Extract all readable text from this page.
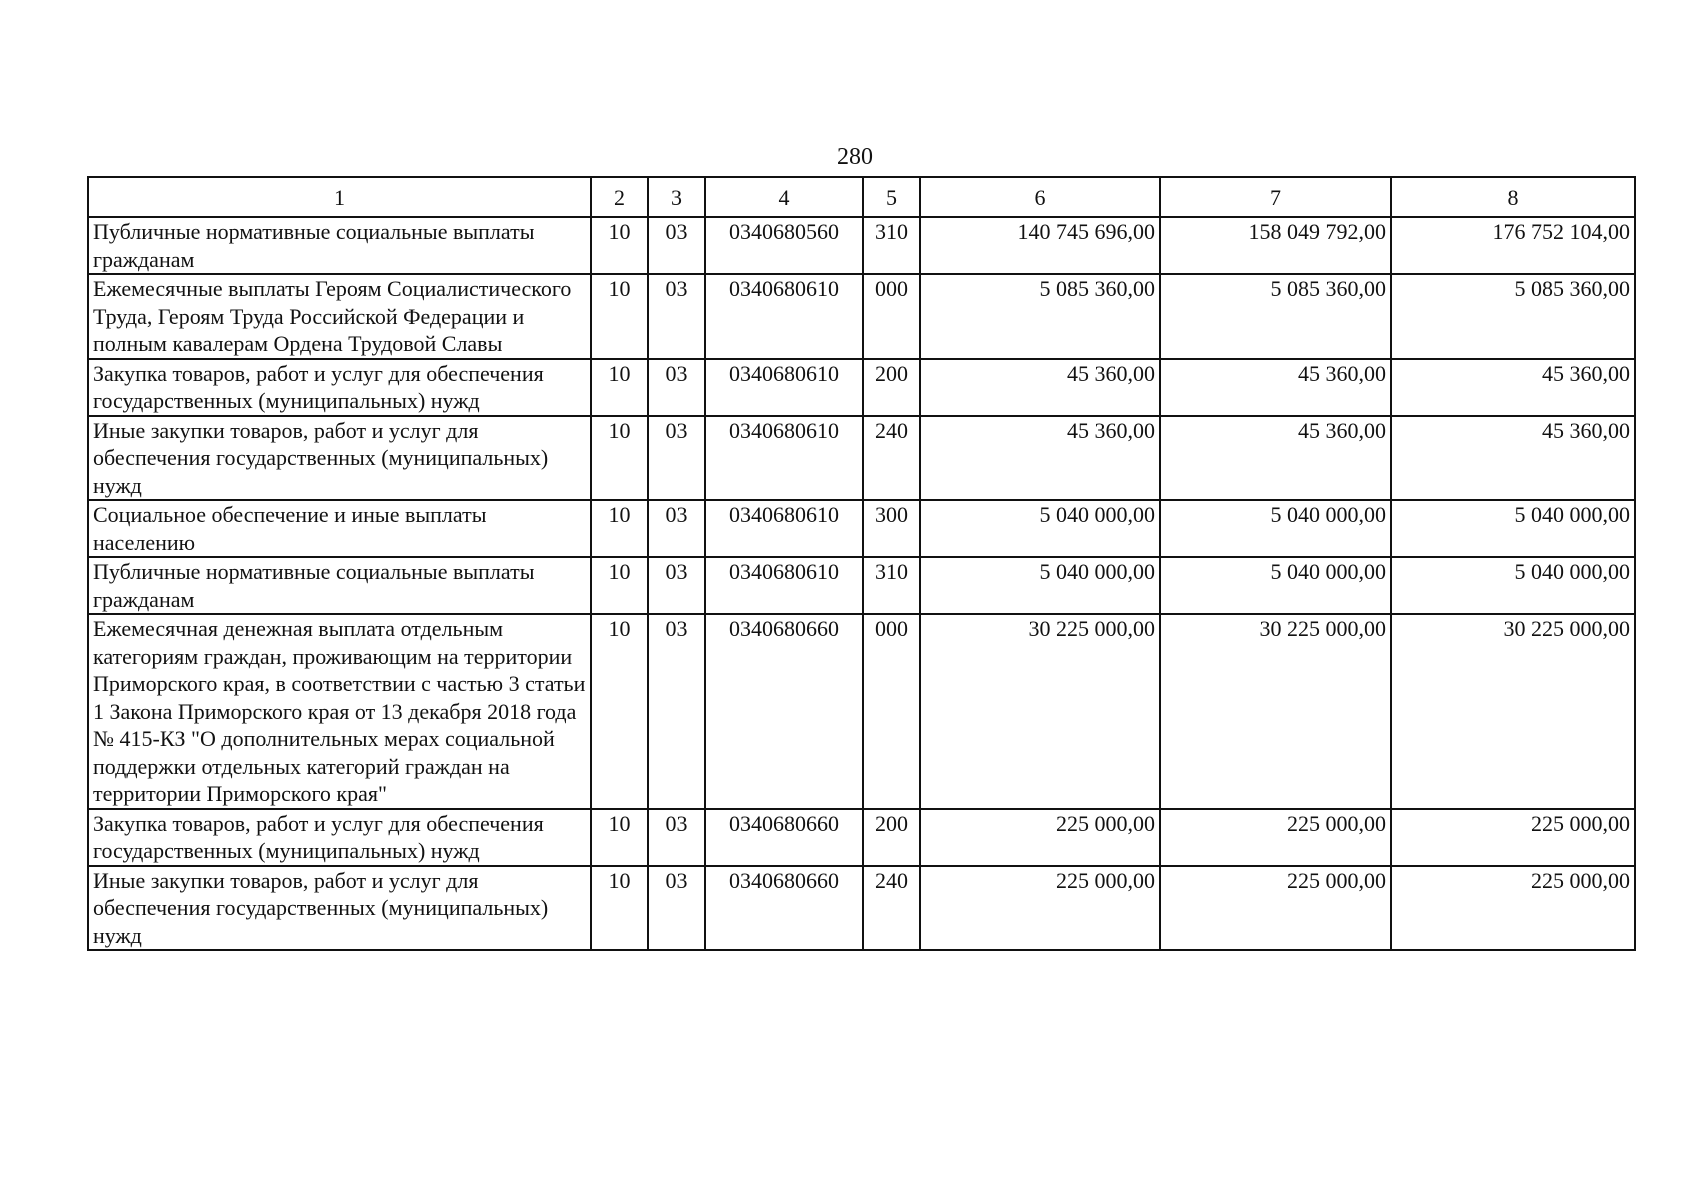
280
1	2	3	4	5	6	7	8
Публичные нормативные социальные выплаты гражданам	10	03	0340680560	310	140 745 696,00	158 049 792,00	176 752 104,00
Ежемесячные выплаты Героям Социалистического Труда, Героям Труда Российской Федерации и полным кавалерам Ордена Трудовой Славы	10	03	0340680610	000	5 085 360,00	5 085 360,00	5 085 360,00
Закупка товаров, работ и услуг для обеспечения государственных (муниципальных) нужд	10	03	0340680610	200	45 360,00	45 360,00	45 360,00
Иные закупки товаров, работ и услуг для обеспечения государственных (муниципальных) нужд	10	03	0340680610	240	45 360,00	45 360,00	45 360,00
Социальное обеспечение и иные выплаты населению	10	03	0340680610	300	5 040 000,00	5 040 000,00	5 040 000,00
Публичные нормативные социальные выплаты гражданам	10	03	0340680610	310	5 040 000,00	5 040 000,00	5 040 000,00
Ежемесячная денежная выплата отдельным категориям граждан, проживающим на территории Приморского края, в соответствии с частью 3 статьи 1 Закона Приморского края от 13 декабря 2018 года № 415-КЗ "О дополнительных мерах социальной поддержки отдельных категорий граждан на территории Приморского края"	10	03	0340680660	000	30 225 000,00	30 225 000,00	30 225 000,00
Закупка товаров, работ и услуг для обеспечения государственных (муниципальных) нужд	10	03	0340680660	200	225 000,00	225 000,00	225 000,00
Иные закупки товаров, работ и услуг для обеспечения государственных (муниципальных) нужд	10	03	0340680660	240	225 000,00	225 000,00	225 000,00
